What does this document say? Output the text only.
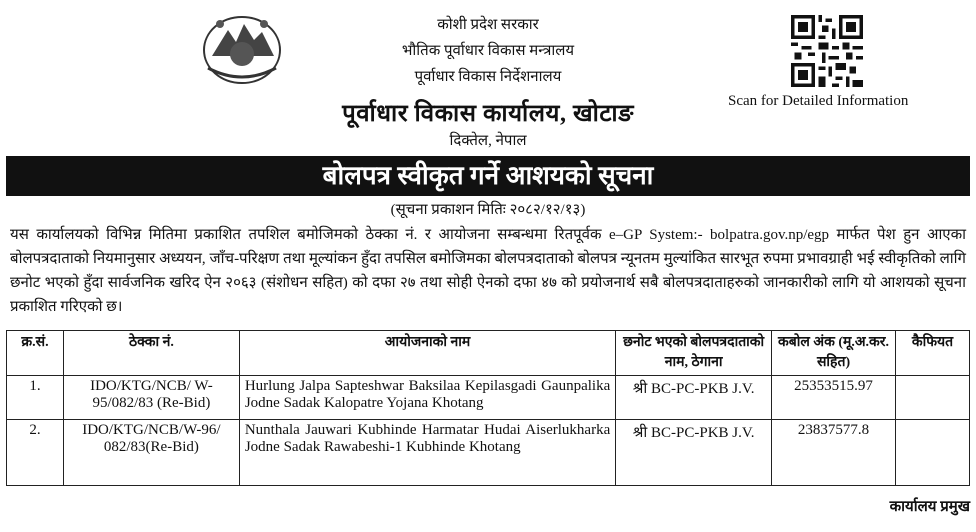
कोशी प्रदेश सरकार
भौतिक पूर्वाधार विकास मन्त्रालय
पूर्वाधार विकास निर्देशनालय
पूर्वाधार विकास कार्यालय, खोटाङ
दिक्तेल, नेपाल
Scan for Detailed Information
बोलपत्र स्वीकृत गर्ने आशयको सूचना
(सूचना प्रकाशन मितिः २०८२/१२/१३)
यस कार्यालयको विभिन्न मितिमा प्रकाशित तपशिल बमोजिमको ठेक्का नं. र आयोजना सम्बन्धमा रितपूर्वक e–GP System:- bolpatra.gov.np/egp मार्फत पेश हुन आएका बोलपत्रदाताको नियमानुसार अध्ययन, जाँच-परिक्षण तथा मूल्यांकन हुँदा तपसिल बमोजिमका बोलपत्रदाताको बोलपत्र न्यूनतम मुल्यांकित सारभूत रुपमा प्रभावग्राही भई स्वीकृतिको लागि छनोट भएको हुँदा सार्वजनिक खरिद ऐन २०६३ (संशोधन सहित) को दफा २७ तथा सोही ऐनको दफा ४७ को प्रयोजनार्थ सबै बोलपत्रदाताहरुको जानकारीको लागि यो आशयको सूचना प्रकाशित गरिएको छ।
क्र.सं.	ठेक्का नं.	आयोजनाको नाम	छनोट भएको बोलपत्रदाताको नाम, ठेगाना	कबोल अंक (मू.अ.कर. सहित)	कैफियत
1.	IDO/KTG/NCB/ W-95/082/83 (Re-Bid)	Hurlung Jalpa Sapteshwar Baksilaa Kepilasgadi Gaunpalika Jodne Sadak Kalopatre Yojana Khotang	श्री BC-PC-PKB J.V.	25353515.97	
2.	IDO/KTG/NCB/W-96/ 082/83(Re-Bid)	Nunthala Jauwari Kubhinde Harmatar Hudai Aiserlukharka Jodne Sadak Rawabeshi-1 Kubhinde Khotang	श्री BC-PC-PKB J.V.	23837577.8	
कार्यालय प्रमुख
